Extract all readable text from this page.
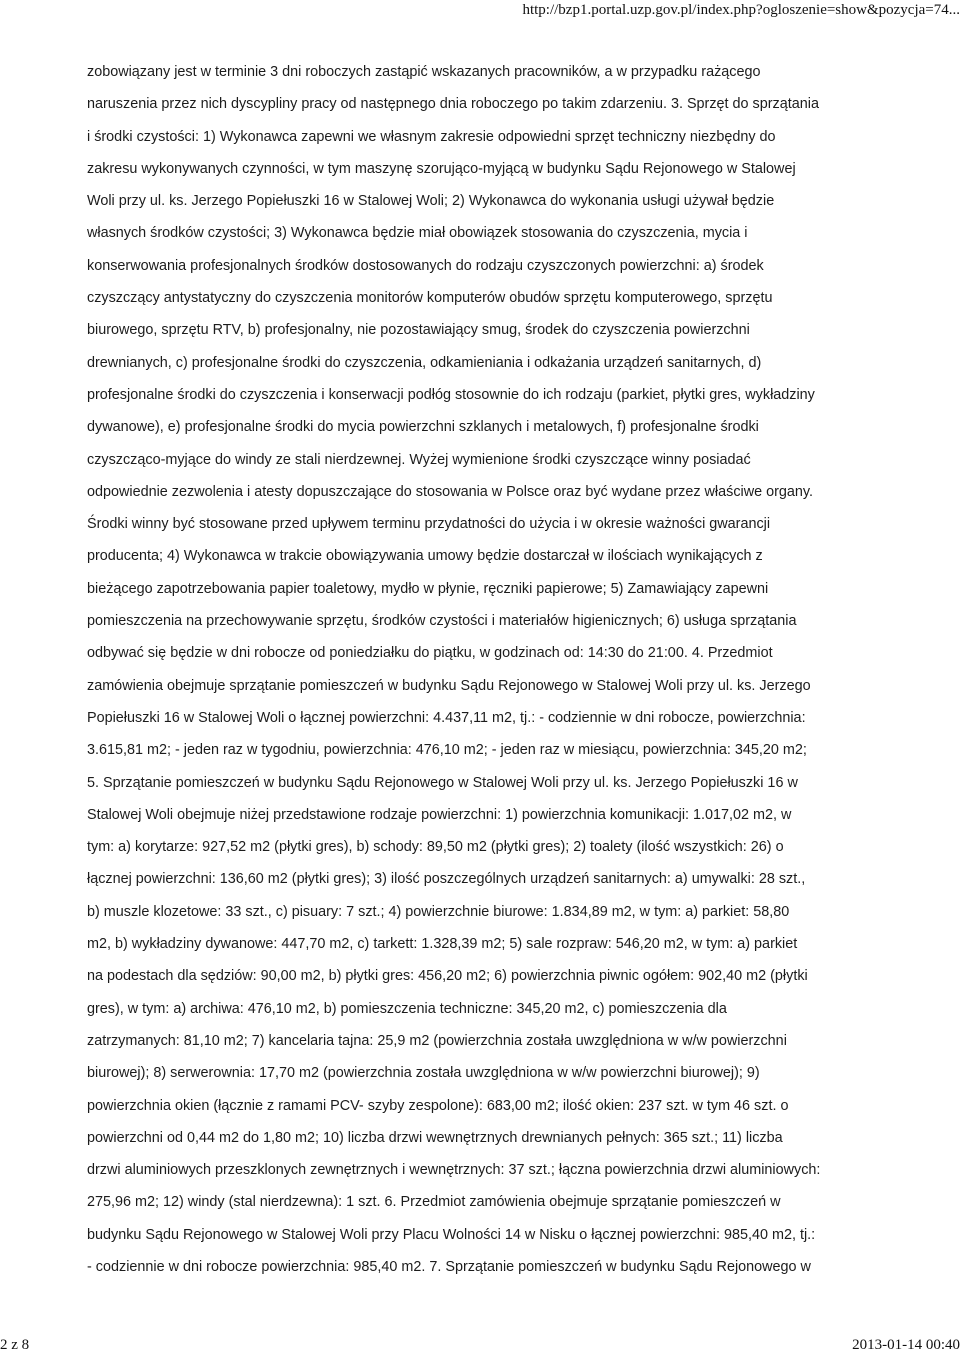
http://bzp1.portal.uzp.gov.pl/index.php?ogloszenie=show&pozycja=74...
zobowiązany jest w terminie 3 dni roboczych zastąpić wskazanych pracowników, a w przypadku rażącego
naruszenia przez nich dyscypliny pracy od następnego dnia roboczego po takim zdarzeniu. 3. Sprzęt do sprzątania
i środki czystości: 1) Wykonawca zapewni we własnym zakresie odpowiedni sprzęt techniczny niezbędny do
zakresu wykonywanych czynności, w tym maszynę szorująco-myjącą w budynku Sądu Rejonowego w Stalowej
Woli przy ul. ks. Jerzego Popiełuszki 16 w Stalowej Woli; 2) Wykonawca do wykonania usługi używał będzie
własnych środków czystości; 3) Wykonawca będzie miał obowiązek stosowania do czyszczenia, mycia i
konserwowania profesjonalnych środków dostosowanych do rodzaju czyszczonych powierzchni: a) środek
czyszczący antystatyczny do czyszczenia monitorów komputerów obudów sprzętu komputerowego, sprzętu
biurowego, sprzętu RTV, b) profesjonalny, nie pozostawiający smug, środek do czyszczenia powierzchni
drewnianych, c) profesjonalne środki do czyszczenia, odkamieniania i odkażania urządzeń sanitarnych, d)
profesjonalne środki do czyszczenia i konserwacji podłóg stosownie do ich rodzaju (parkiet, płytki gres, wykładziny
dywanowe), e) profesjonalne środki do mycia powierzchni szklanych i metalowych, f) profesjonalne środki
czyszcząco-myjące do windy ze stali nierdzewnej. Wyżej wymienione środki czyszczące winny posiadać
odpowiednie zezwolenia i atesty dopuszczające do stosowania w Polsce oraz być wydane przez właściwe organy.
Środki winny być stosowane przed upływem terminu przydatności do użycia i w okresie ważności gwarancji
producenta; 4) Wykonawca w trakcie obowiązywania umowy będzie dostarczał w ilościach wynikających z
bieżącego zapotrzebowania papier toaletowy, mydło w płynie, ręczniki papierowe; 5) Zamawiający zapewni
pomieszczenia na przechowywanie sprzętu, środków czystości i materiałów higienicznych; 6) usługa sprzątania
odbywać się będzie w dni robocze od poniedziałku do piątku, w godzinach od: 14:30 do 21:00. 4. Przedmiot
zamówienia obejmuje sprzątanie pomieszczeń w budynku Sądu Rejonowego w Stalowej Woli przy ul. ks. Jerzego
Popiełuszki 16 w Stalowej Woli o łącznej powierzchni: 4.437,11 m2, tj.: - codziennie w dni robocze, powierzchnia:
3.615,81 m2; - jeden raz w tygodniu, powierzchnia: 476,10 m2; - jeden raz w miesiącu, powierzchnia: 345,20 m2;
5. Sprzątanie pomieszczeń w budynku Sądu Rejonowego w Stalowej Woli przy ul. ks. Jerzego Popiełuszki 16 w
Stalowej Woli obejmuje niżej przedstawione rodzaje powierzchni: 1) powierzchnia komunikacji: 1.017,02 m2, w
tym: a) korytarze: 927,52 m2 (płytki gres), b) schody: 89,50 m2 (płytki gres); 2) toalety (ilość wszystkich: 26) o
łącznej powierzchni: 136,60 m2 (płytki gres); 3) ilość poszczególnych urządzeń sanitarnych: a) umywalki: 28 szt.,
b) muszle klozetowe: 33 szt., c) pisuary: 7 szt.; 4) powierzchnie biurowe: 1.834,89 m2, w tym: a) parkiet: 58,80
m2, b) wykładziny dywanowe: 447,70 m2, c) tarkett: 1.328,39 m2; 5) sale rozpraw: 546,20 m2, w tym: a) parkiet
na podestach dla sędziów: 90,00 m2, b) płytki gres: 456,20 m2; 6) powierzchnia piwnic ogółem: 902,40 m2 (płytki
gres), w tym: a) archiwa: 476,10 m2, b) pomieszczenia techniczne: 345,20 m2, c) pomieszczenia dla
zatrzymanych: 81,10 m2; 7) kancelaria tajna: 25,9 m2 (powierzchnia została uwzględniona w w/w powierzchni
biurowej); 8) serwerownia: 17,70 m2 (powierzchnia została uwzględniona w w/w powierzchni biurowej); 9)
powierzchnia okien (łącznie z ramami PCV- szyby zespolone): 683,00 m2; ilość okien: 237 szt. w tym 46 szt. o
powierzchni od 0,44 m2 do 1,80 m2; 10) liczba drzwi wewnętrznych drewnianych pełnych: 365 szt.; 11) liczba
drzwi aluminiowych przeszklonych zewnętrznych i wewnętrznych: 37 szt.; łączna powierzchnia drzwi aluminiowych:
275,96 m2; 12) windy (stal nierdzewna): 1 szt. 6. Przedmiot zamówienia obejmuje sprzątanie pomieszczeń w
budynku Sądu Rejonowego w Stalowej Woli przy Placu Wolności 14 w Nisku o łącznej powierzchni: 985,40 m2, tj.:
- codziennie w dni robocze powierzchnia: 985,40 m2. 7. Sprzątanie pomieszczeń w budynku Sądu Rejonowego w
2 z 8	2013-01-14 00:40
